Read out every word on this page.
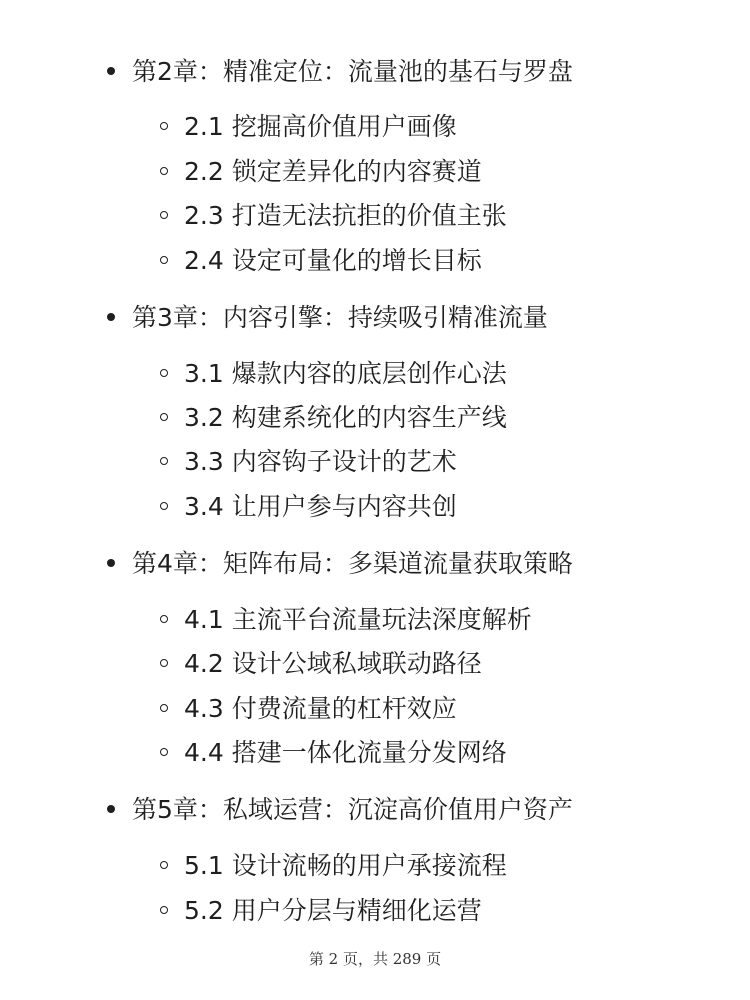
第2章：精准定位：流量池的基石与罗盘
2.1 挖掘高价值用户画像
2.2 锁定差异化的内容赛道
2.3 打造无法抗拒的价值主张
2.4 设定可量化的增长目标
第3章：内容引擎：持续吸引精准流量
3.1 爆款内容的底层创作心法
3.2 构建系统化的内容生产线
3.3 内容钩子设计的艺术
3.4 让用户参与内容共创
第4章：矩阵布局：多渠道流量获取策略
4.1 主流平台流量玩法深度解析
4.2 设计公域私域联动路径
4.3 付费流量的杠杆效应
4.4 搭建一体化流量分发网络
第5章：私域运营：沉淀高价值用户资产
5.1 设计流畅的用户承接流程
5.2 用户分层与精细化运营
第 2 页，共 289 页
